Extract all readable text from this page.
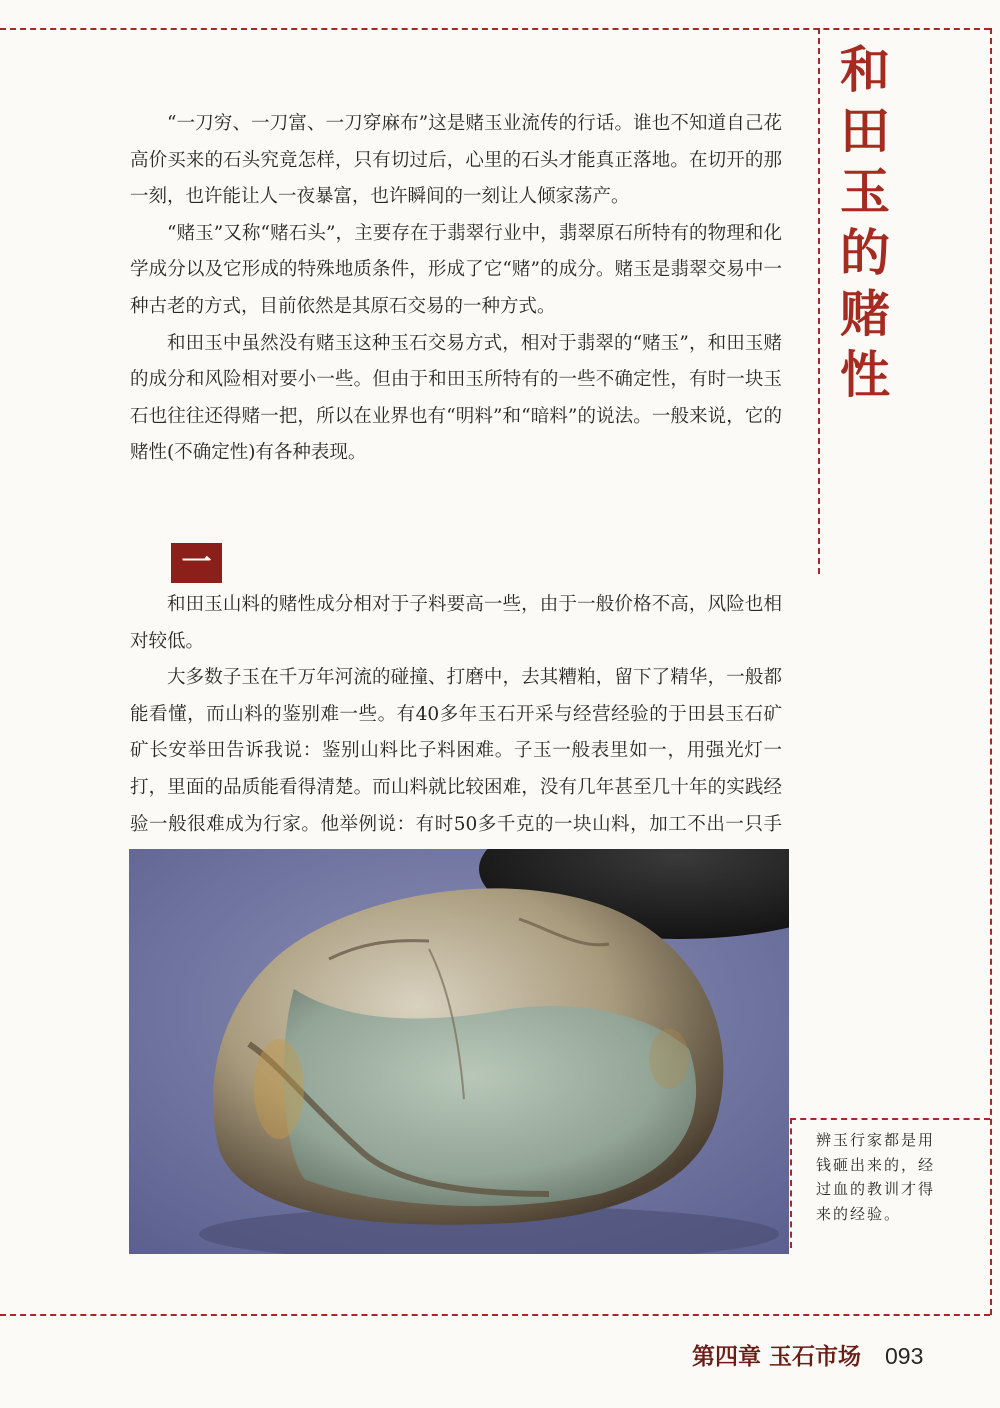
和
田
玉
的
赌
性

“一刀穷、一刀富、一刀穿麻布”这是赌玉业流传的行话。谁也不知道自己花高价买来的石头究竟怎样，只有切过后，心里的石头才能真正落地。在切开的那一刻，也许能让人一夜暴富，也许瞬间的一刻让人倾家荡产。

“赌玉”又称“赌石头”，主要存在于翡翠行业中，翡翠原石所特有的物理和化学成分以及它形成的特殊地质条件，形成了它“赌”的成分。赌玉是翡翠交易中一种古老的方式，目前依然是其原石交易的一种方式。

和田玉中虽然没有赌玉这种玉石交易方式，相对于翡翠的“赌玉”，和田玉赌的成分和风险相对要小一些。但由于和田玉所特有的一些不确定性，有时一块玉石也往往还得赌一把，所以在业界也有“明料”和“暗料”的说法。一般来说，它的赌性(不确定性)有各种表现。

一

和田玉山料的赌性成分相对于子料要高一些，由于一般价格不高，风险也相对较低。

大多数子玉在千万年河流的碰撞、打磨中，去其糟粕，留下了精华，一般都能看懂，而山料的鉴别难一些。有40多年玉石开采与经营经验的于田县玉石矿矿长安举田告诉我说：鉴别山料比子料困难。子玉一般表里如一，用强光灯一打，里面的品质能看得清楚。而山料就比较困难，没有几年甚至几十年的实践经验一般很难成为行家。他举例说：有时50多千克的一块山料，加工不出一只手

辨玉行家都是用钱砸出来的，经过血的教训才得来的经验。
第四章 玉石市场 093
